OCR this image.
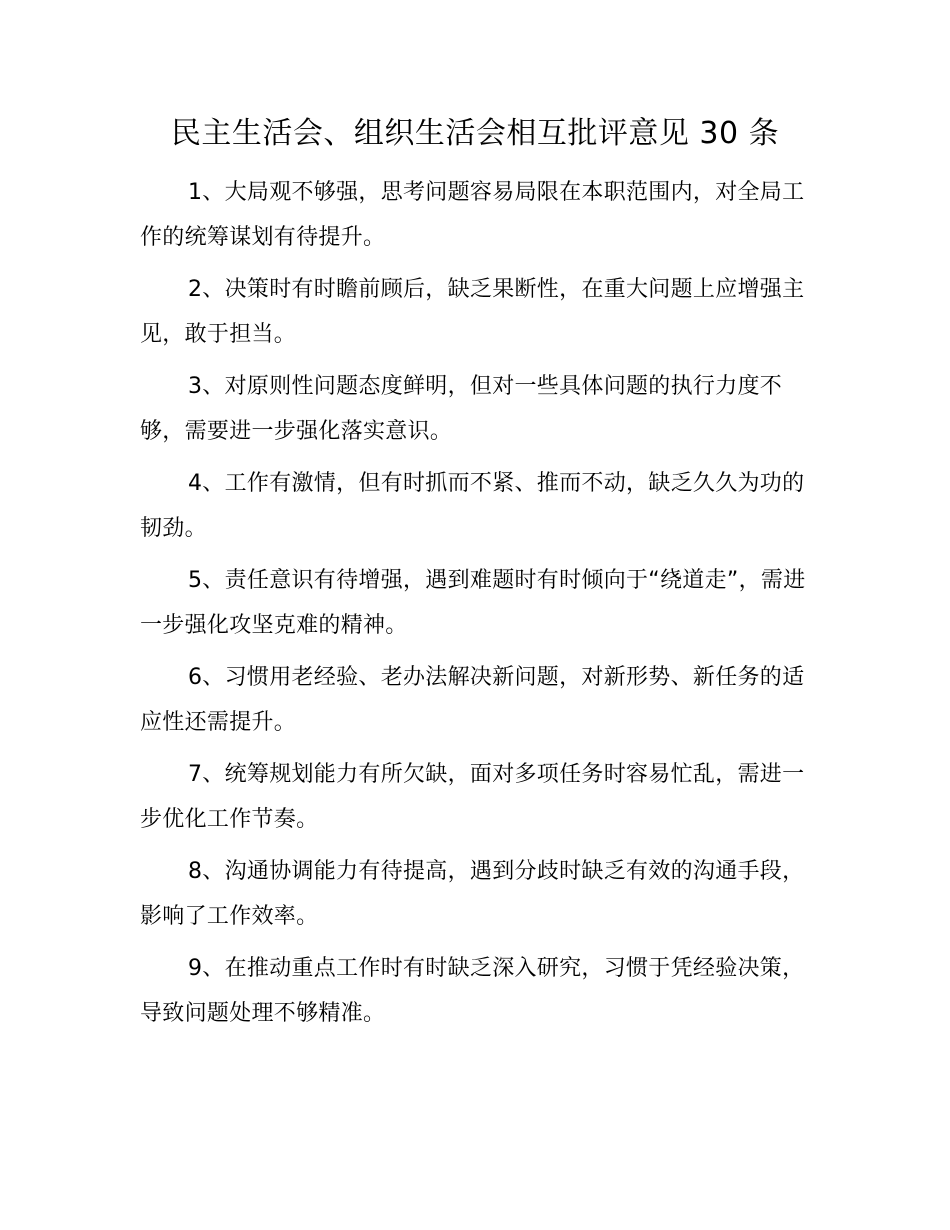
民主生活会、组织生活会相互批评意见 30 条
1、大局观不够强，思考问题容易局限在本职范围内，对全局工作的统筹谋划有待提升。
2、决策时有时瞻前顾后，缺乏果断性，在重大问题上应增强主见，敢于担当。
3、对原则性问题态度鲜明，但对一些具体问题的执行力度不够，需要进一步强化落实意识。
4、工作有激情，但有时抓而不紧、推而不动，缺乏久久为功的韧劲。
5、责任意识有待增强，遇到难题时有时倾向于“绕道走”，需进一步强化攻坚克难的精神。
6、习惯用老经验、老办法解决新问题，对新形势、新任务的适应性还需提升。
7、统筹规划能力有所欠缺，面对多项任务时容易忙乱，需进一步优化工作节奏。
8、沟通协调能力有待提高，遇到分歧时缺乏有效的沟通手段，影响了工作效率。
9、在推动重点工作时有时缺乏深入研究，习惯于凭经验决策，导致问题处理不够精准。
